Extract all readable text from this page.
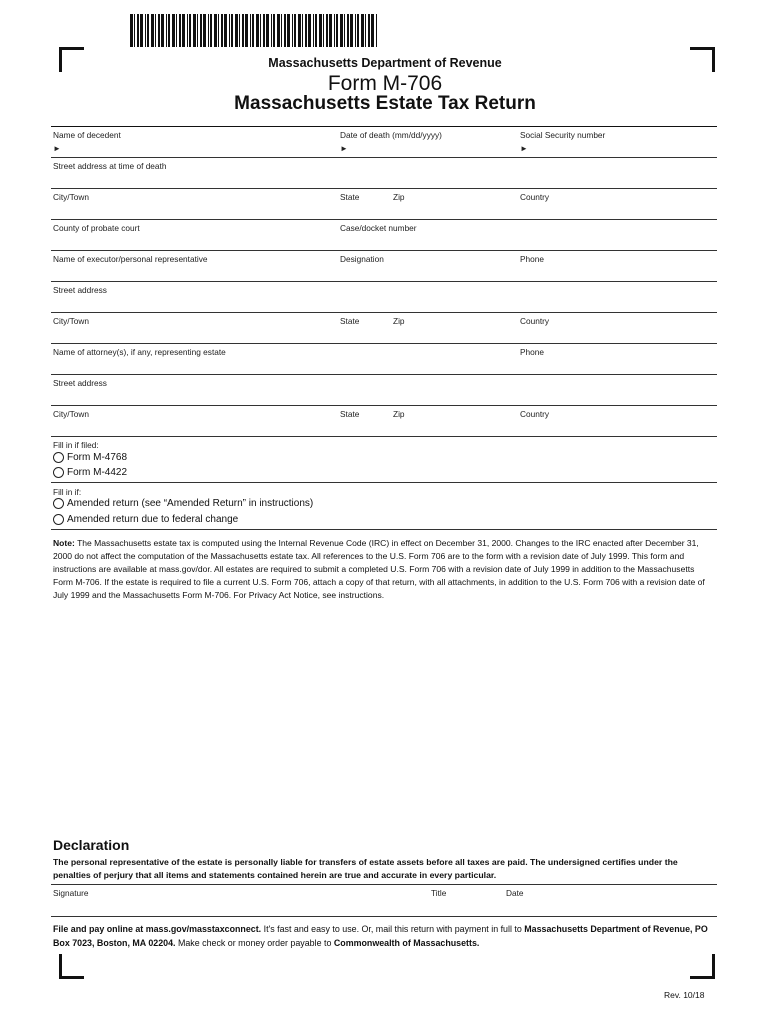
Massachusetts Department of Revenue
Form M-706
Massachusetts Estate Tax Return
Name of decedent	Date of death (mm/dd/yyyy)	Social Security number
►	►	►
Street address at time of death
City/Town	State	Zip	Country
County of probate court	Case/docket number
Name of executor/personal representative	Designation	Phone
Street address
City/Town	State	Zip	Country
Name of attorney(s), if any, representing estate	Phone
Street address
City/Town	State	Zip	Country
Fill in if filed:
Form M-4768
Form M-4422
Fill in if:
Amended return (see “Amended Return” in instructions)
Amended return due to federal change
Note: The Massachusetts estate tax is computed using the Internal Revenue Code (IRC) in effect on December 31, 2000. Changes to the IRC enacted after December 31, 2000 do not affect the computation of the Massachusetts estate tax. All references to the U.S. Form 706 are to the form with a revision date of July 1999. This form and instructions are available at mass.gov/dor. All estates are required to submit a completed U.S. Form 706 with a revision date of July 1999 in addition to the Massachusetts Form M-706. If the estate is required to file a current U.S. Form 706, attach a copy of that return, with all attachments, in addition to the U.S. Form 706 with a revision date of July 1999 and the Massachusetts Form M-706. For Privacy Act Notice, see instructions.
Declaration
The personal representative of the estate is personally liable for transfers of estate assets before all taxes are paid. The undersigned certifies under the penalties of perjury that all items and statements contained herein are true and accurate in every particular.
Signature	Title	Date
File and pay online at mass.gov/masstaxconnect. It's fast and easy to use. Or, mail this return with payment in full to Massachusetts Department of Revenue, PO Box 7023, Boston, MA 02204. Make check or money order payable to Commonwealth of Massachusetts.
Rev. 10/18
